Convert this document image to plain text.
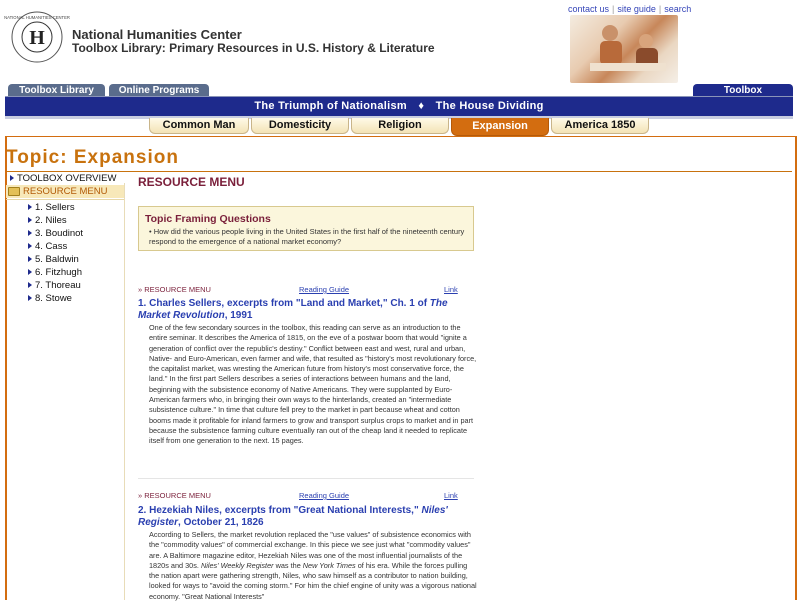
H
NATIONAL HUMANITIES CENTER
National Humanities Center
Toolbox Library: Primary Resources in U.S. History & Literature
contact us | site guide | search
Toolbox Library	Online Programs	Toolbox
The Triumph of Nationalism ♦ The House Dividing
Common Man	Domesticity	Religion	Expansion	America 1850
Topic: Expansion
TOOLBOX OVERVIEW
RESOURCE MENU
1. Sellers
2. Niles
3. Boudinot
4. Cass
5. Baldwin
6. Fitzhugh
7. Thoreau
8. Stowe
RESOURCE MENU
Topic Framing Questions
• How did the various people living in the United States in the first half of the nineteenth century respond to the emergence of a national market economy?
» RESOURCE MENU	Reading Guide	Link
1. Charles Sellers, excerpts from "Land and Market," Ch. 1 of The Market Revolution, 1991
One of the few secondary sources in the toolbox, this reading can serve as an introduction to the entire seminar. It describes the America of 1815, on the eve of a postwar boom that would "ignite a generation of conflict over the republic's destiny." Conflict between east and west, rural and urban, Native- and Euro-American, even farmer and wife, that resulted as "history's most revolutionary force, the capitalist market, was wresting the American future from history's most conservative force, the land." In the first part Sellers describes a series of interactions between humans and the land, beginning with the subsistence economy of Native Americans. They were supplanted by Euro-American farmers who, in bringing their own ways to the hinterlands, created an "intermediate subsistence culture." In time that culture fell prey to the market in part because wheat and cotton booms made it profitable for inland farmers to grow and transport surplus crops to market and in part because the subsistence farming culture eventually ran out of the cheap land it needed to replicate itself from one generation to the next. 15 pages.
» RESOURCE MENU	Reading Guide	Link
2. Hezekiah Niles, excerpts from "Great National Interests," Niles' Register, October 21, 1826
According to Sellers, the market revolution replaced the "use values" of subsistence economics with the "commodity values" of commercial exchange. In this piece we see just what "commodity values" are. A Baltimore magazine editor, Hezekiah Niles was one of the most influential journalists of the 1820s and 30s. Niles' Weekly Register was the New York Times of his era. While the forces pulling the nation apart were gathering strength, Niles, who saw himself as a contributor to nation building, looked for ways to "avoid the coming storm." For him the chief engine of unity was a vigorous national economy. "Great National Interests"
